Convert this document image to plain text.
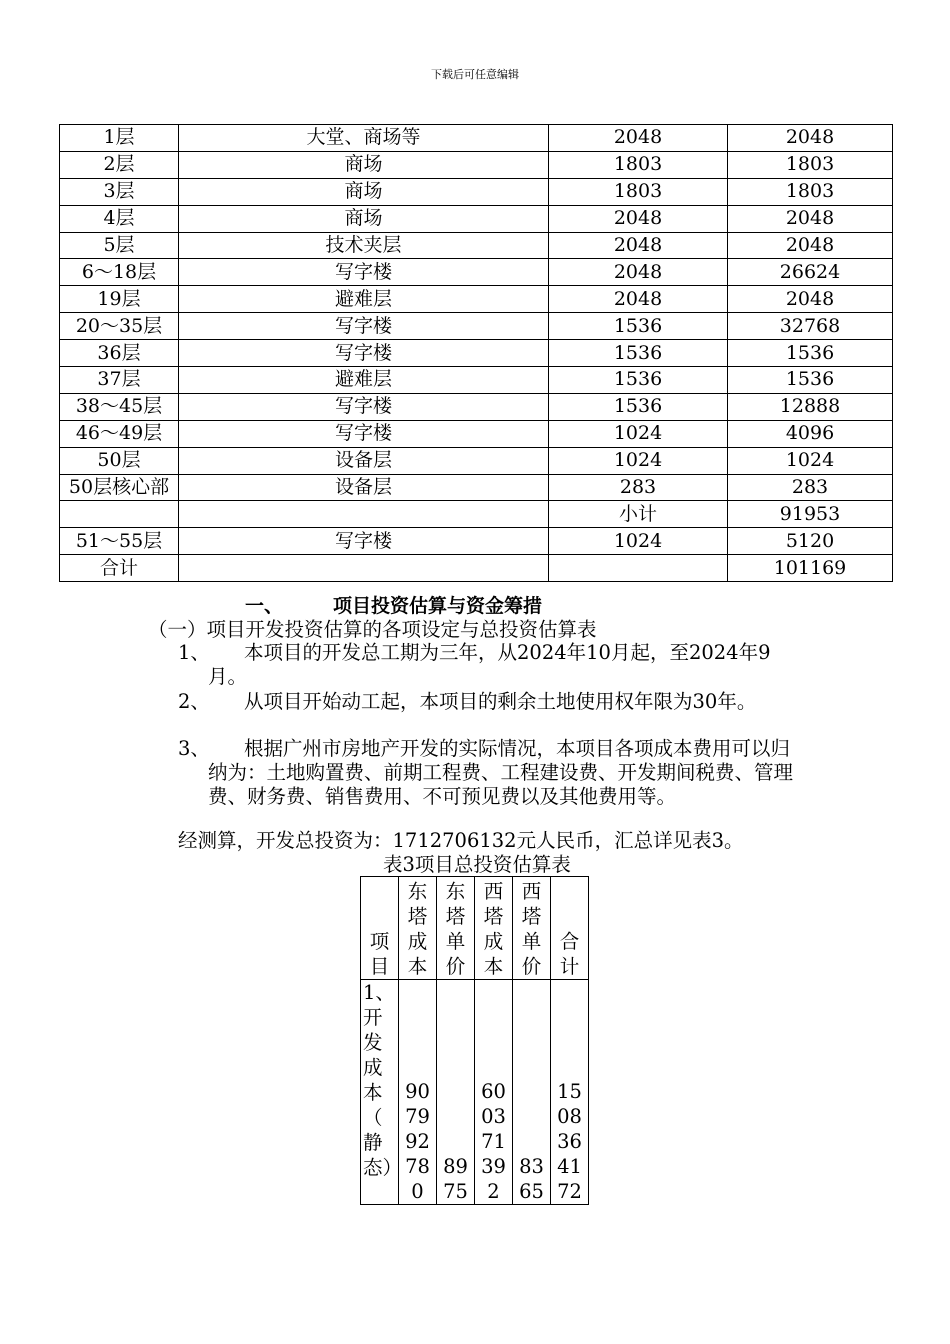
下载后可任意编辑
1层	大堂、商场等	2048	2048
2层	商场	1803	1803
3层	商场	1803	1803
4层	商场	2048	2048
5层	技术夹层	2048	2048
6～18层	写字楼	2048	26624
19层	避难层	2048	2048
20～35层	写字楼	1536	32768
36层	写字楼	1536	1536
37层	避难层	1536	1536
38～45层	写字楼	1536	12888
46～49层	写字楼	1024	4096
50层	设备层	1024	1024
50层核心部	设备层	283	283
		小计	91953
51～55层	写字楼	1024	5120
合计			101169
一、	项目投资估算与资金筹措
（一）项目开发投资估算的各项设定与总投资估算表
1、	本项目的开发总工期为三年，从2024年10月起，至2024年9月。
2、	从项目开始动工起，本项目的剩余土地使用权年限为30年。
3、	根据广州市房地产开发的实际情况，本项目各项成本费用可以归纳为：土地购置费、前期工程费、工程建设费、开发期间税费、管理费、财务费、销售费用、不可预见费以及其他费用等。
经测算，开发总投资为：1712706132元人民币，汇总详见表3。
表3项目总投资估算表
项目	东塔成本	东塔单价	西塔成本	西塔单价	合计
1、开发成本（静态）	907992780	8975	600371392	8365	1508364172
